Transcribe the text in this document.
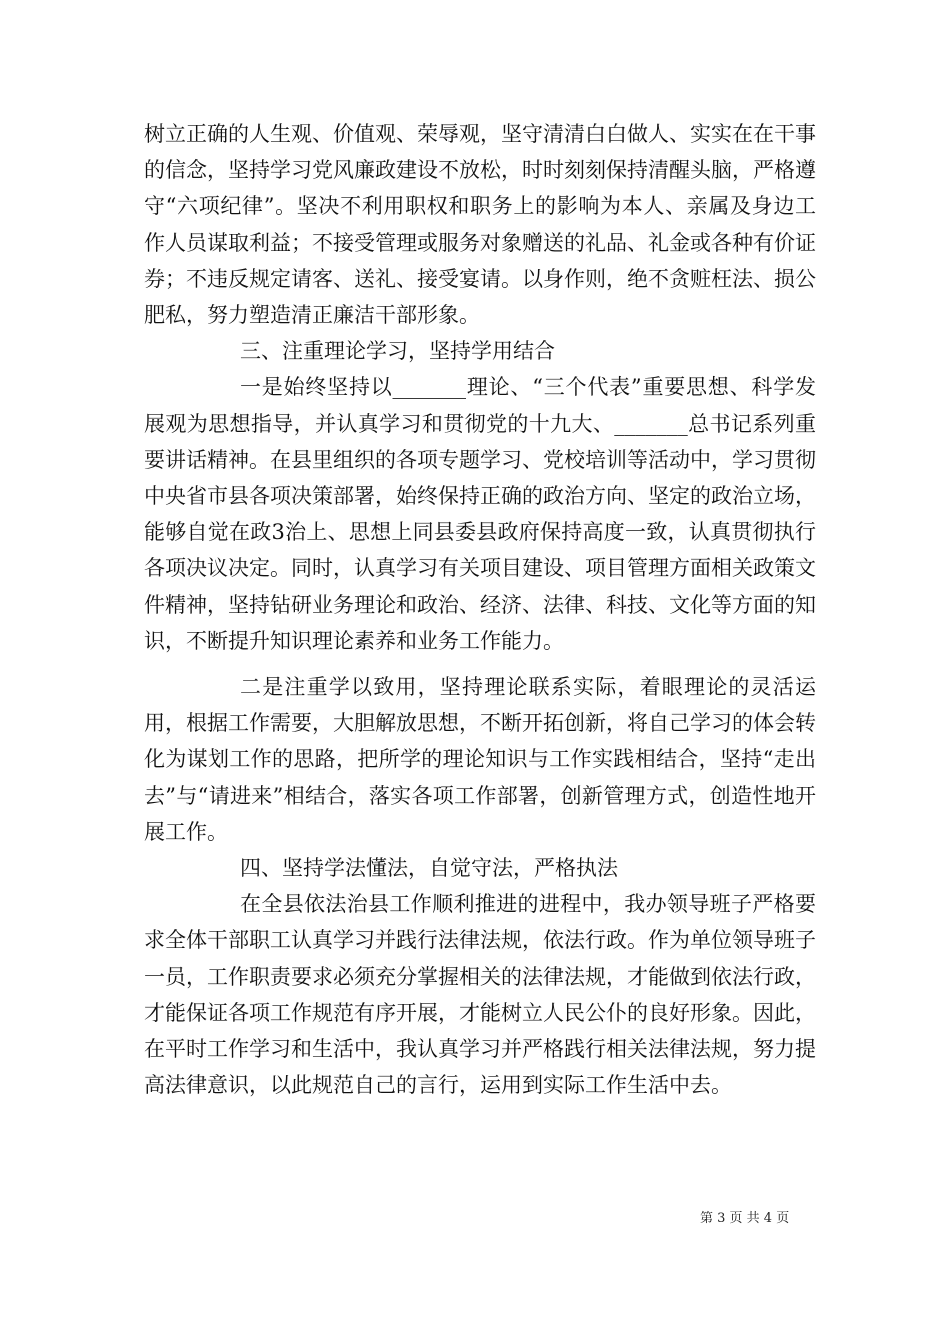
树立正确的人生观、价值观、荣辱观，坚守清清白白做人、实实在在干事的信念，坚持学习党风廉政建设不放松，时时刻刻保持清醒头脑，严格遵守“六项纪律”。坚决不利用职权和职务上的影响为本人、亲属及身边工作人员谋取利益；不接受管理或服务对象赠送的礼品、礼金或各种有价证券；不违反规定请客、送礼、接受宴请。以身作则，绝不贪赃枉法、损公肥私，努力塑造清正廉洁干部形象。

三、注重理论学习，坚持学用结合

一是始终坚持以_______理论、“三个代表”重要思想、科学发展观为思想指导，并认真学习和贯彻党的十九大、_______总书记系列重要讲话精神。在县里组织的各项专题学习、党校培训等活动中，学习贯彻中央省市县各项决策部署，始终保持正确的政治方向、坚定的政治立场，能够自觉在政3治上、思想上同县委县政府保持高度一致，认真贯彻执行各项决议决定。同时，认真学习有关项目建设、项目管理方面相关政策文件精神，坚持钻研业务理论和政治、经济、法律、科技、文化等方面的知识，不断提升知识理论素养和业务工作能力。

二是注重学以致用，坚持理论联系实际，着眼理论的灵活运用，根据工作需要，大胆解放思想，不断开拓创新，将自己学习的体会转化为谋划工作的思路，把所学的理论知识与工作实践相结合，坚持“走出去”与“请进来”相结合，落实各项工作部署，创新管理方式，创造性地开展工作。

四、坚持学法懂法，自觉守法，严格执法

在全县依法治县工作顺利推进的进程中，我办领导班子严格要求全体干部职工认真学习并践行法律法规，依法行政。作为单位领导班子一员，工作职责要求必须充分掌握相关的法律法规，才能做到依法行政，才能保证各项工作规范有序开展，才能树立人民公仆的良好形象。因此，在平时工作学习和生活中，我认真学习并严格践行相关法律法规，努力提高法律意识，以此规范自己的言行，运用到实际工作生活中去。

第 3 页 共 4 页
